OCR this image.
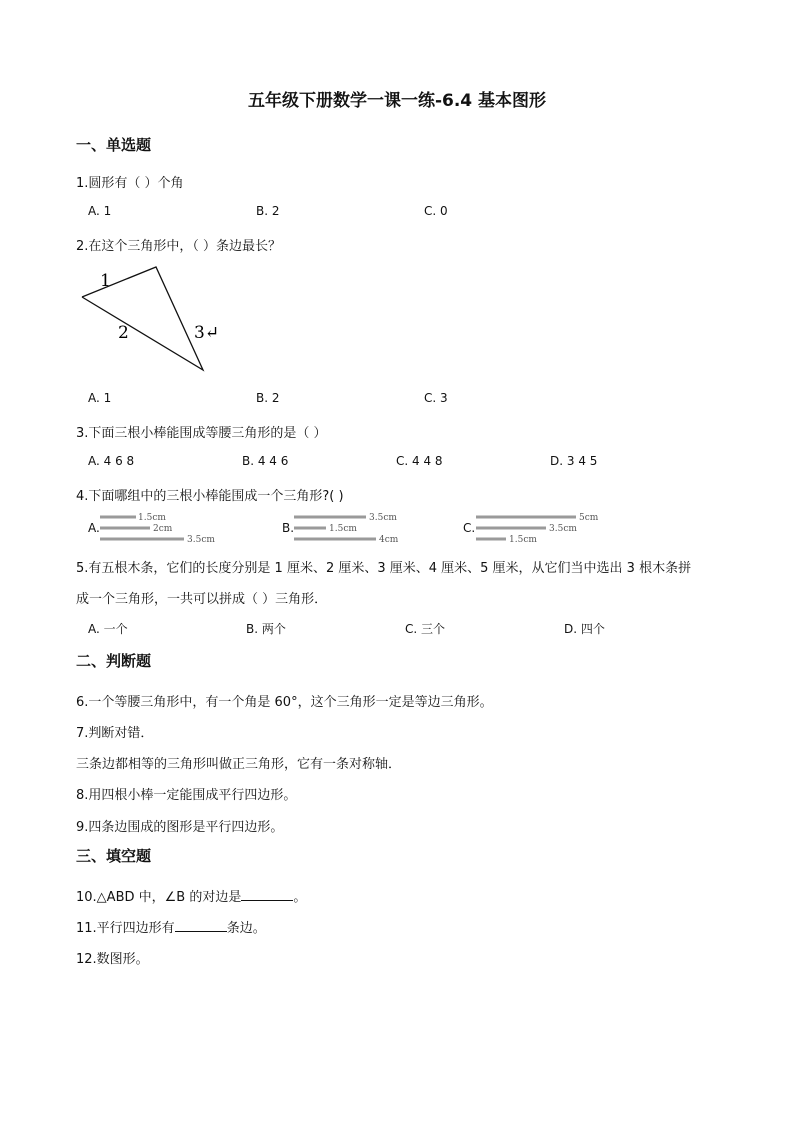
五年级下册数学一课一练-6.4 基本图形
一、单选题
1.圆形有（ ）个角
A. 1	B. 2	C. 0
2.在这个三角形中，（ ）条边最长？
1
2	3↵
A. 1	B. 2	C. 3
3.下面三根小棒能围成等腰三角形的是（ ）
A. 4 6 8	B. 4 4 6	C. 4 4 8	D. 3 4 5
4.下面哪组中的三根小棒能围成一个三角形?( )
A.
1.5cm
2cm
3.5cm
B.
3.5cm
1.5cm
4cm
C.
5cm
3.5cm
1.5cm
5.有五根木条，它们的长度分别是 1 厘米、2 厘米、3 厘米、4 厘米、5 厘米，从它们当中选出 3 根木条拼
成一个三角形，一共可以拼成（ ）三角形．
A. 一个	B. 两个	C. 三个	D. 四个
二、判断题
6.一个等腰三角形中，有一个角是 60°，这个三角形一定是等边三角形。
7.判断对错．
三条边都相等的三角形叫做正三角形，它有一条对称轴．
8.用四根小棒一定能围成平行四边形。
9.四条边围成的图形是平行四边形。
三、填空题
10.△ABD 中，∠B 的对边是	。
11.平行四边形有	条边。
12.数图形。
